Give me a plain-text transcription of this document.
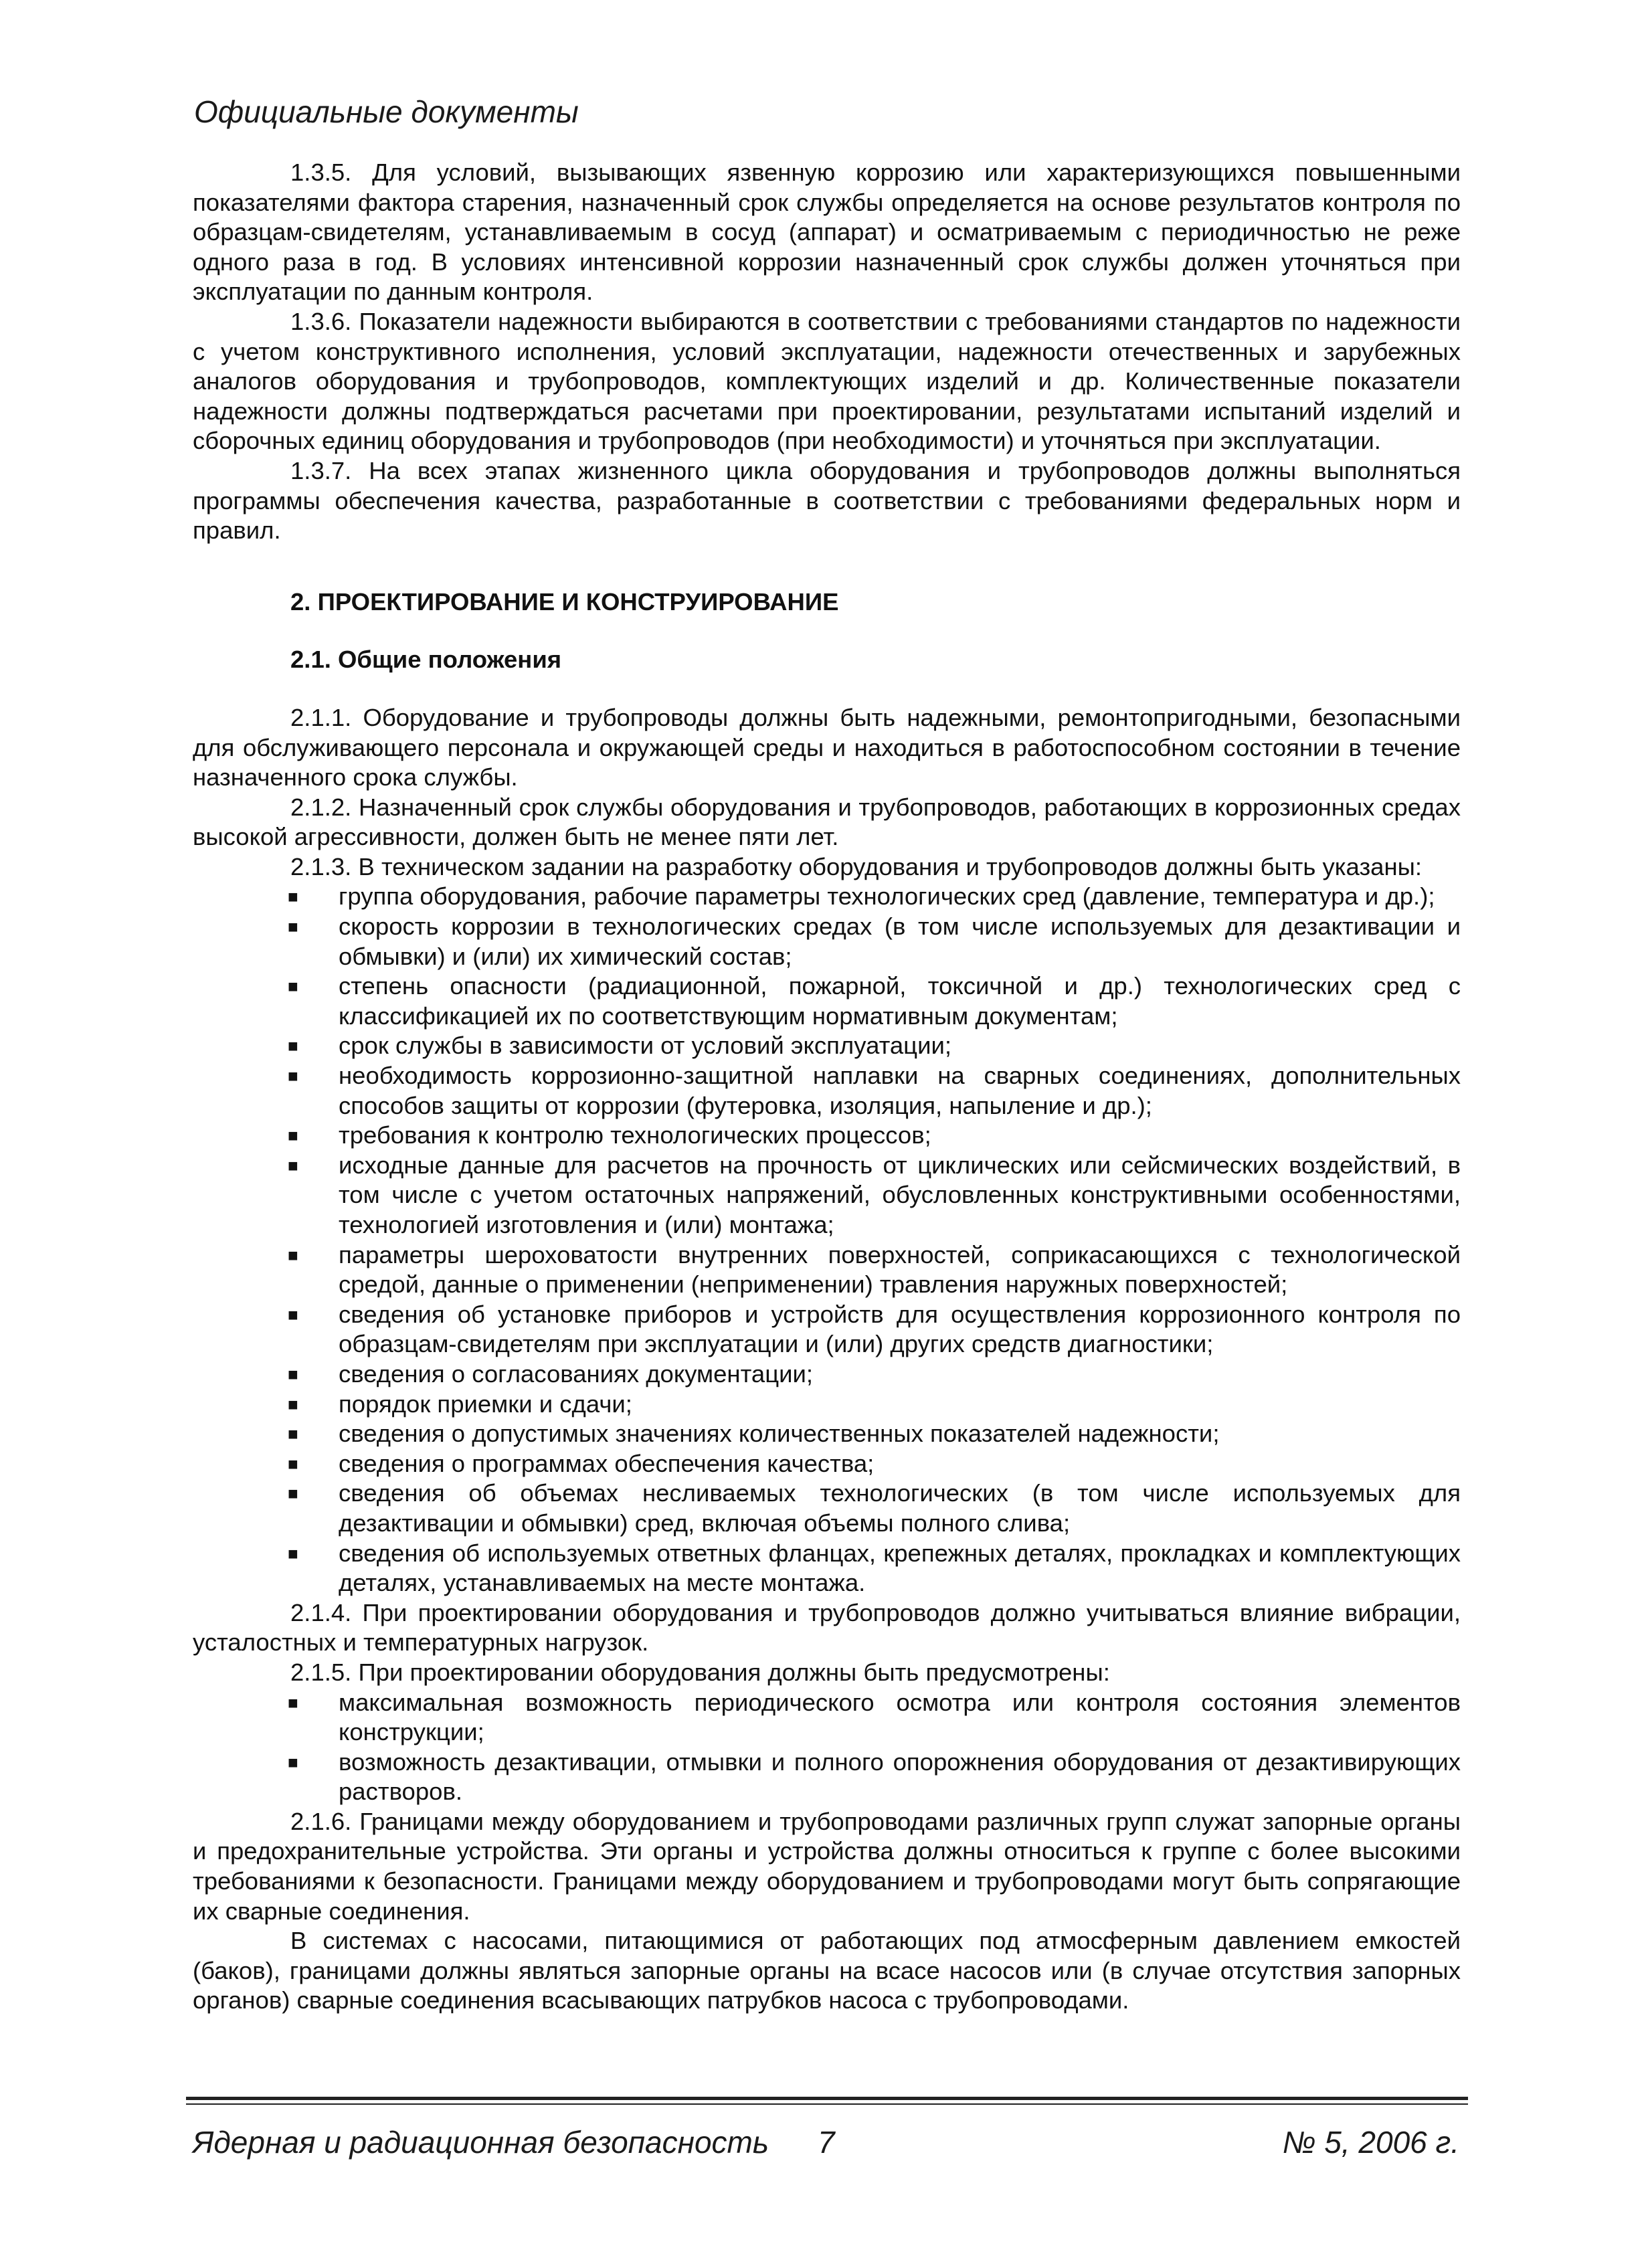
Официальные документы

1.3.5. Для условий, вызывающих язвенную коррозию или характеризующихся повышенными показателями фактора старения, назначенный срок службы определяется на основе результатов контроля по образцам-свидетелям, устанавливаемым в сосуд (аппарат) и осматриваемым с периодичностью не реже одного раза в год. В условиях интенсивной коррозии назначенный срок службы должен уточняться при эксплуатации по данным контроля.

1.3.6. Показатели надежности выбираются в соответствии с требованиями стандартов по надежности с учетом конструктивного исполнения, условий эксплуатации, надежности отечественных и зарубежных аналогов оборудования и трубопроводов, комплектующих изделий и др. Количественные показатели надежности должны подтверждаться расчетами при проектировании, результатами испытаний изделий и сборочных единиц оборудования и трубопроводов (при необходимости) и уточняться при эксплуатации.

1.3.7. На всех этапах жизненного цикла оборудования и трубопроводов должны выполняться программы обеспечения качества, разработанные в соответствии с требованиями федеральных норм и правил.

2. ПРОЕКТИРОВАНИЕ И КОНСТРУИРОВАНИЕ
2.1. Общие положения

2.1.1. Оборудование и трубопроводы должны быть надежными, ремонтопригодными, безопасными для обслуживающего персонала и окружающей среды и находиться в работоспособном состоянии в течение назначенного срока службы.

2.1.2. Назначенный срок службы оборудования и трубопроводов, работающих в коррозионных средах высокой агрессивности, должен быть не менее пяти лет.

2.1.3. В техническом задании на разработку оборудования и трубопроводов должны быть указаны:

■ группа оборудования, рабочие параметры технологических сред (давление, температура и др.);
■ скорость коррозии в технологических средах (в том числе используемых для дезактивации и обмывки) и (или) их химический состав;
■ степень опасности (радиационной, пожарной, токсичной и др.) технологических сред с классификацией их по соответствующим нормативным документам;
■ срок службы в зависимости от условий эксплуатации;
■ необходимость коррозионно-защитной наплавки на сварных соединениях, дополнительных способов защиты от коррозии (футеровка, изоляция, напыление и др.);
■ требования к контролю технологических процессов;
■ исходные данные для расчетов на прочность от циклических или сейсмических воздействий, в том числе с учетом остаточных напряжений, обусловленных конструктивными особенностями, технологией изготовления и (или) монтажа;
■ параметры шероховатости внутренних поверхностей, соприкасающихся с технологической средой, данные о применении (неприменении) травления наружных поверхностей;
■ сведения об установке приборов и устройств для осуществления коррозионного контроля по образцам-свидетелям при эксплуатации и (или) других средств диагностики;
■ сведения о согласованиях документации;
■ порядок приемки и сдачи;
■ сведения о допустимых значениях количественных показателей надежности;
■ сведения о программах обеспечения качества;
■ сведения об объемах несливаемых технологических (в том числе используемых для дезактивации и обмывки) сред, включая объемы полного слива;
■ сведения об используемых ответных фланцах, крепежных деталях, прокладках и комплектующих деталях, устанавливаемых на месте монтажа.

2.1.4. При проектировании оборудования и трубопроводов должно учитываться влияние вибрации, усталостных и температурных нагрузок.

2.1.5. При проектировании оборудования должны быть предусмотрены:

■ максимальная возможность периодического осмотра или контроля состояния элементов конструкции;
■ возможность дезактивации, отмывки и полного опорожнения оборудования от дезактивирующих растворов.

2.1.6. Границами между оборудованием и трубопроводами различных групп служат запорные органы и предохранительные устройства. Эти органы и устройства должны относиться к группе с более высокими требованиями к безопасности. Границами между оборудованием и трубопроводами могут быть сопрягающие их сварные соединения.

В системах с насосами, питающимися от работающих под атмосферным давлением емкостей (баков), границами должны являться запорные органы на всасе насосов или (в случае отсутствия запорных органов) сварные соединения всасывающих патрубков насоса с трубопроводами.

Ядерная и радиационная безопасность 7	№ 5, 2006 г.
